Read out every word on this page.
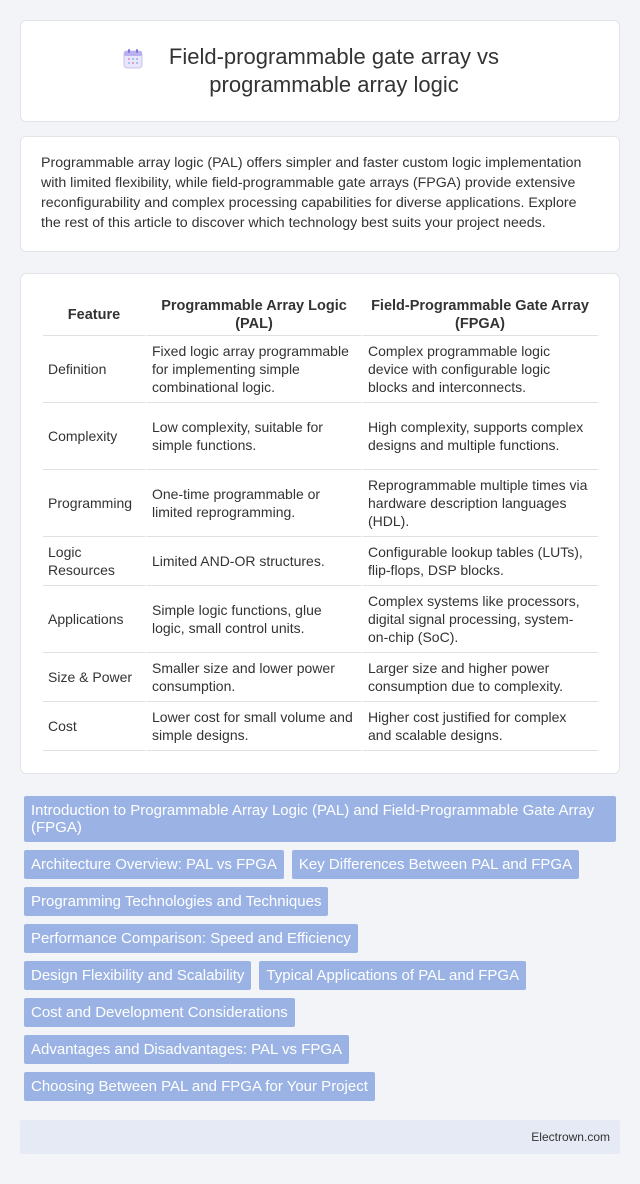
Field-programmable gate array vs programmable array logic

Programmable array logic (PAL) offers simpler and faster custom logic implementation with limited flexibility, while field-programmable gate arrays (FPGA) provide extensive reconfigurability and complex processing capabilities for diverse applications. Explore the rest of this article to discover which technology best suits your project needs.

Feature	Programmable Array Logic (PAL)	Field-Programmable Gate Array (FPGA)
Definition	Fixed logic array programmable for implementing simple combinational logic.	Complex programmable logic device with configurable logic blocks and interconnects.
Complexity	Low complexity, suitable for simple functions.	High complexity, supports complex designs and multiple functions.
Programming	One-time programmable or limited reprogramming.	Reprogrammable multiple times via hardware description languages (HDL).
Logic Resources	Limited AND-OR structures.	Configurable lookup tables (LUTs), flip-flops, DSP blocks.
Applications	Simple logic functions, glue logic, small control units.	Complex systems like processors, digital signal processing, system-on-chip (SoC).
Size & Power	Smaller size and lower power consumption.	Larger size and higher power consumption due to complexity.
Cost	Lower cost for small volume and simple designs.	Higher cost justified for complex and scalable designs.
Introduction to Programmable Array Logic (PAL) and Field-Programmable Gate Array (FPGA)
Architecture Overview: PAL vs FPGA	Key Differences Between PAL and FPGA
Programming Technologies and Techniques
Performance Comparison: Speed and Efficiency
Design Flexibility and Scalability	Typical Applications of PAL and FPGA
Cost and Development Considerations
Advantages and Disadvantages: PAL vs FPGA
Choosing Between PAL and FPGA for Your Project
Electrown.com
